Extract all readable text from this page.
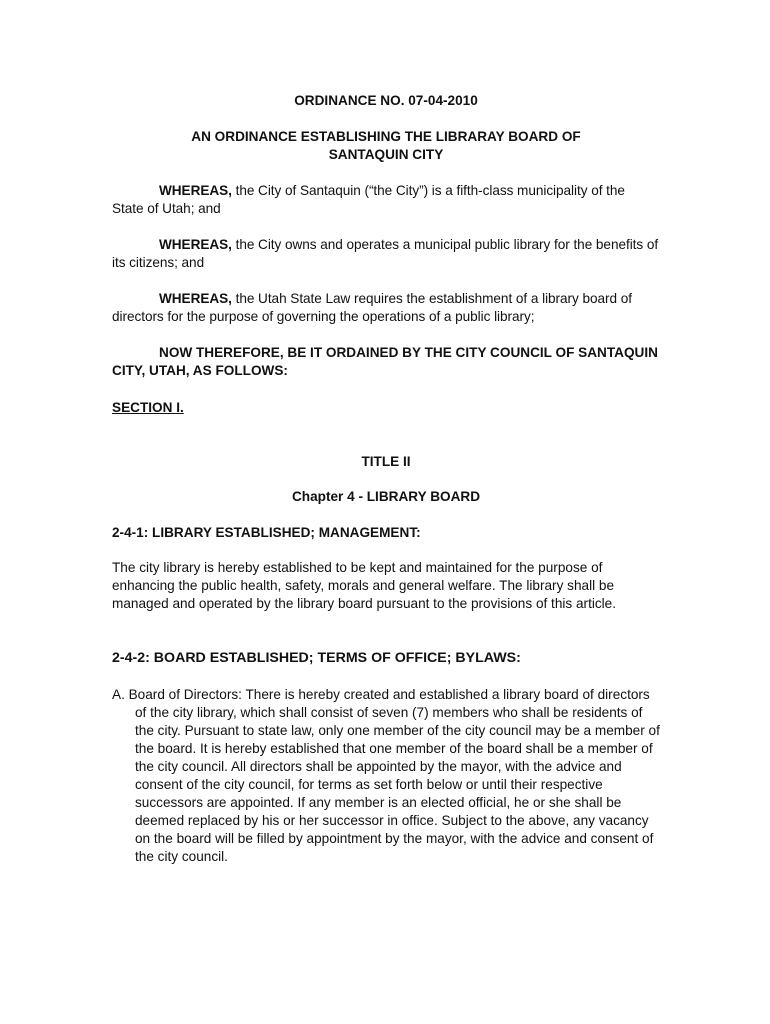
ORDINANCE NO. 07-04-2010

AN ORDINANCE ESTABLISHING THE LIBRARAY BOARD OF
SANTAQUIN CITY

WHEREAS, the City of Santaquin (“the City”) is a fifth-class municipality of the State of Utah; and

WHEREAS, the City owns and operates a municipal public library for the benefits of its citizens; and

WHEREAS, the Utah State Law requires the establishment of a library board of directors for the purpose of governing the operations of a public library;

NOW THEREFORE, BE IT ORDAINED BY THE CITY COUNCIL OF SANTAQUIN CITY, UTAH, AS FOLLOWS:

SECTION I.

TITLE II

Chapter 4 - LIBRARY BOARD

2-4-1: LIBRARY ESTABLISHED; MANAGEMENT:

The city library is hereby established to be kept and maintained for the purpose of enhancing the public health, safety, morals and general welfare. The library shall be managed and operated by the library board pursuant to the provisions of this article.

2-4-2: BOARD ESTABLISHED; TERMS OF OFFICE; BYLAWS:

A. Board of Directors: There is hereby created and established a library board of directors of the city library, which shall consist of seven (7) members who shall be residents of the city. Pursuant to state law, only one member of the city council may be a member of the board. It is hereby established that one member of the board shall be a member of the city council. All directors shall be appointed by the mayor, with the advice and consent of the city council, for terms as set forth below or until their respective successors are appointed. If any member is an elected official, he or she shall be deemed replaced by his or her successor in office. Subject to the above, any vacancy on the board will be filled by appointment by the mayor, with the advice and consent of the city council.
